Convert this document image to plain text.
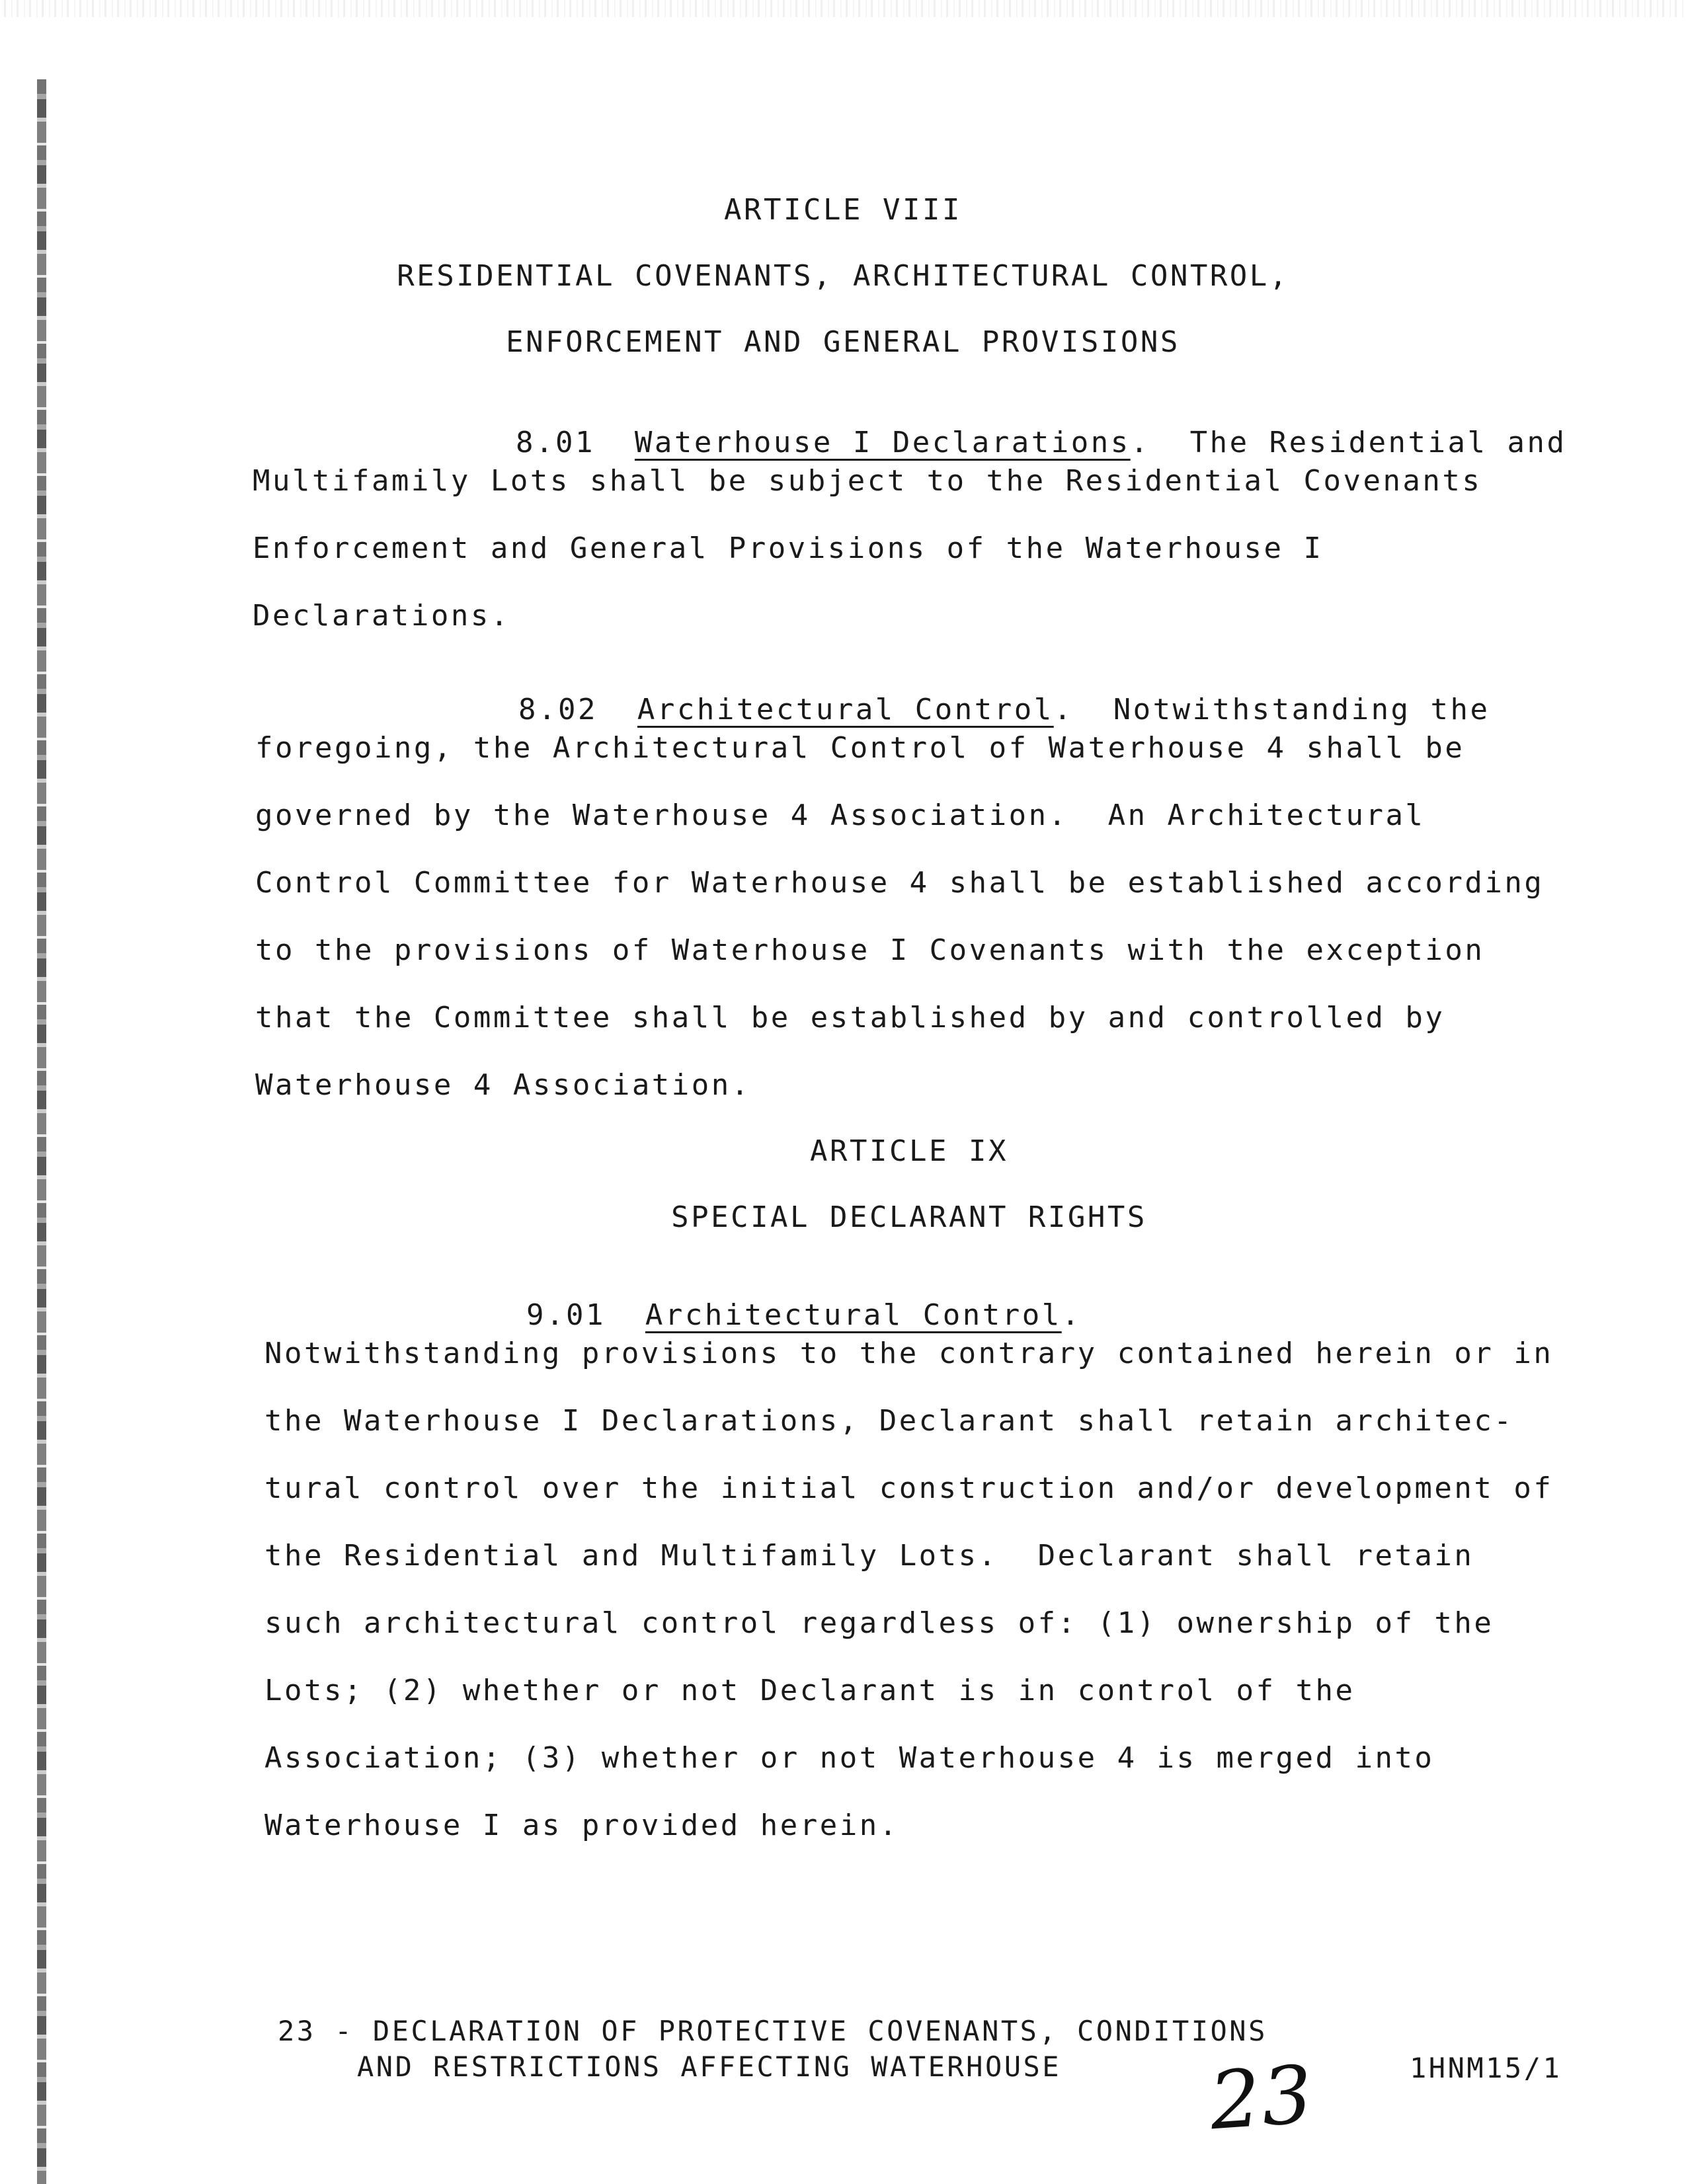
ARTICLE VIII
RESIDENTIAL COVENANTS, ARCHITECTURAL CONTROL,
ENFORCEMENT AND GENERAL PROVISIONS

8.01 Waterhouse I Declarations.  The Residential and

Multifamily Lots shall be subject to the Residential Covenants
Enforcement and General Provisions of the Waterhouse I
Declarations.

8.02 Architectural Control.  Notwithstanding the

foregoing, the Architectural Control of Waterhouse 4 shall be
governed by the Waterhouse 4 Association.  An Architectural
Control Committee for Waterhouse 4 shall be established according
to the provisions of Waterhouse I Covenants with the exception
that the Committee shall be established by and controlled by
Waterhouse 4 Association.
ARTICLE IX
SPECIAL DECLARANT RIGHTS

9.01 Architectural Control.

Notwithstanding provisions to the contrary contained herein or in
the Waterhouse I Declarations, Declarant shall retain architec-
tural control over the initial construction and/or development of
the Residential and Multifamily Lots.  Declarant shall retain
such architectural control regardless of: (1) ownership of the
Lots; (2) whether or not Declarant is in control of the
Association; (3) whether or not Waterhouse 4 is merged into
Waterhouse I as provided herein.
23 - DECLARATION OF PROTECTIVE COVENANTS, CONDITIONS
AND RESTRICTIONS AFFECTING WATERHOUSE	1HNM15/1
23
